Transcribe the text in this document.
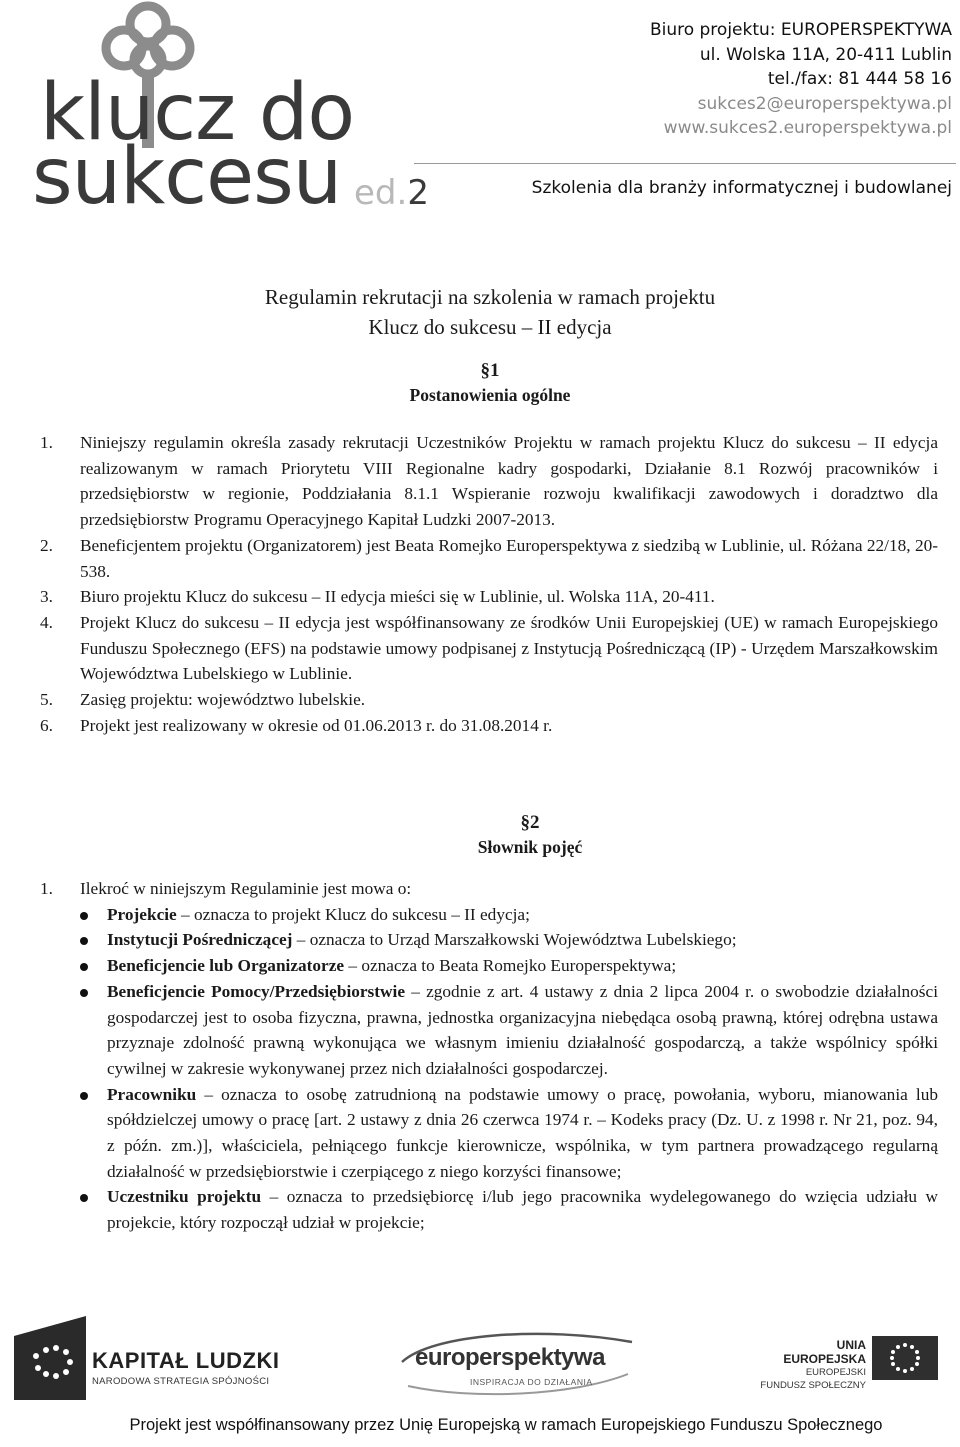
klucz do
sukcesu ed.2
Biuro projektu: EUROPERSPEKTYWA
ul. Wolska 11A, 20-411 Lublin
tel./fax: 81 444 58 16
sukces2@europerspektywa.pl
www.sukces2.europerspektywa.pl
Szkolenia dla branży informatycznej i budowlanej
Regulamin rekrutacji na szkolenia w ramach projektu
Klucz do sukcesu – II edycja
§1
Postanowienia ogólne
1. Niniejszy regulamin określa zasady rekrutacji Uczestników Projektu w ramach projektu Klucz do sukcesu – II edycja realizowanym w ramach Priorytetu VIII Regionalne kadry gospodarki, Działanie 8.1 Rozwój pracowników i przedsiębiorstw w regionie, Poddziałania 8.1.1 Wspieranie rozwoju kwalifikacji zawodowych i doradztwo dla przedsiębiorstw Programu Operacyjnego Kapitał Ludzki 2007-2013.
2. Beneficjentem projektu (Organizatorem) jest Beata Romejko Europerspektywa z siedzibą w Lublinie, ul. Różana 22/18, 20-538.
3. Biuro projektu Klucz do sukcesu – II edycja mieści się w Lublinie, ul. Wolska 11A, 20-411.
4. Projekt Klucz do sukcesu – II edycja jest współfinansowany ze środków Unii Europejskiej (UE) w ramach Europejskiego Funduszu Społecznego (EFS) na podstawie umowy podpisanej z Instytucją Pośredniczącą (IP) - Urzędem Marszałkowskim Województwa Lubelskiego w Lublinie.
5. Zasięg projektu: województwo lubelskie.
6. Projekt jest realizowany w okresie od 01.06.2013 r. do 31.08.2014 r.
§2
Słownik pojęć
1. Ilekroć w niniejszym Regulaminie jest mowa o:
Projekcie – oznacza to projekt Klucz do sukcesu – II edycja;
Instytucji Pośredniczącej – oznacza to Urząd Marszałkowski Województwa Lubelskiego;
Beneficjencie lub Organizatorze – oznacza to Beata Romejko Europerspektywa;
Beneficjencie Pomocy/Przedsiębiorstwie – zgodnie z art. 4 ustawy z dnia 2 lipca 2004 r. o swobodzie działalności gospodarczej jest to osoba fizyczna, prawna, jednostka organizacyjna niebędąca osobą prawną, której odrębna ustawa przyznaje zdolność prawną wykonująca we własnym imieniu działalność gospodarczą, a także wspólnicy spółki cywilnej w zakresie wykonywanej przez nich działalności gospodarczej.
Pracowniku – oznacza to osobę zatrudnioną na podstawie umowy o pracę, powołania, wyboru, mianowania lub spółdzielczej umowy o pracę [art. 2 ustawy z dnia 26 czerwca 1974 r. – Kodeks pracy (Dz. U. z 1998 r. Nr 21, poz. 94, z późn. zm.)], właściciela, pełniącego funkcje kierownicze, wspólnika, w tym partnera prowadzącego regularną działalność w przedsiębiorstwie i czerpiącego z niego korzyści finansowe;
Uczestniku projektu – oznacza to przedsiębiorcę i/lub jego pracownika wydelegowanego do wzięcia udziału w projekcie, który rozpoczął udział w projekcie;
KAPITAŁ LUDZKI
NARODOWA STRATEGIA SPÓJNOŚCI
europerspektywa
INSPIRACJA DO DZIAŁANIA
UNIA EUROPEJSKA
EUROPEJSKI
FUNDUSZ SPOŁECZNY
Projekt jest współfinansowany przez Unię Europejską w ramach Europejskiego Funduszu Społecznego
